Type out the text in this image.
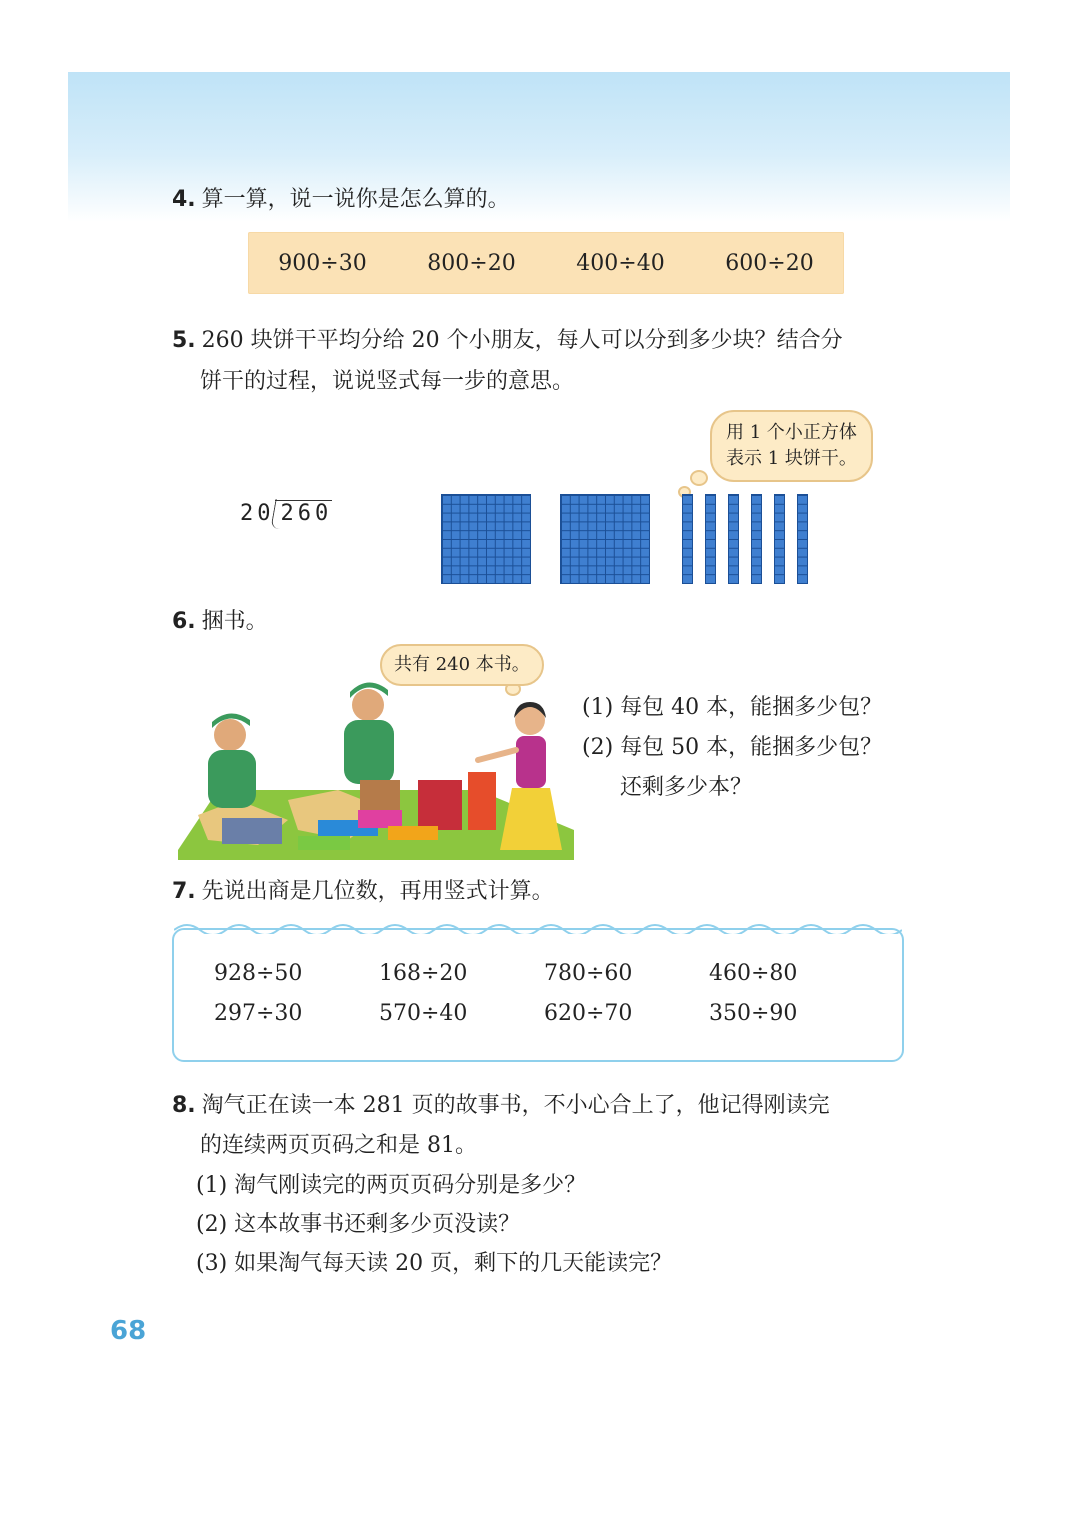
4. 算一算，说一说你是怎么算的。
900÷30	800÷20	400÷40	600÷20
5. 260 块饼干平均分给 20 个小朋友，每人可以分到多少块？结合分
饼干的过程，说说竖式每一步的意思。
用 1 个小正方体
表示 1 块饼干。
20 260
6. 捆书。
共有 240 本书。
(1) 每包 40 本，能捆多少包？
(2) 每包 50 本，能捆多少包？
还剩多少本？
7. 先说出商是几位数，再用竖式计算。
928÷50	168÷20	780÷60	460÷80
297÷30	570÷40	620÷70	350÷90
8. 淘气正在读一本 281 页的故事书，不小心合上了，他记得刚读完
的连续两页页码之和是 81。
(1) 淘气刚读完的两页页码分别是多少？
(2) 这本故事书还剩多少页没读？
(3) 如果淘气每天读 20 页，剩下的几天能读完？
68
